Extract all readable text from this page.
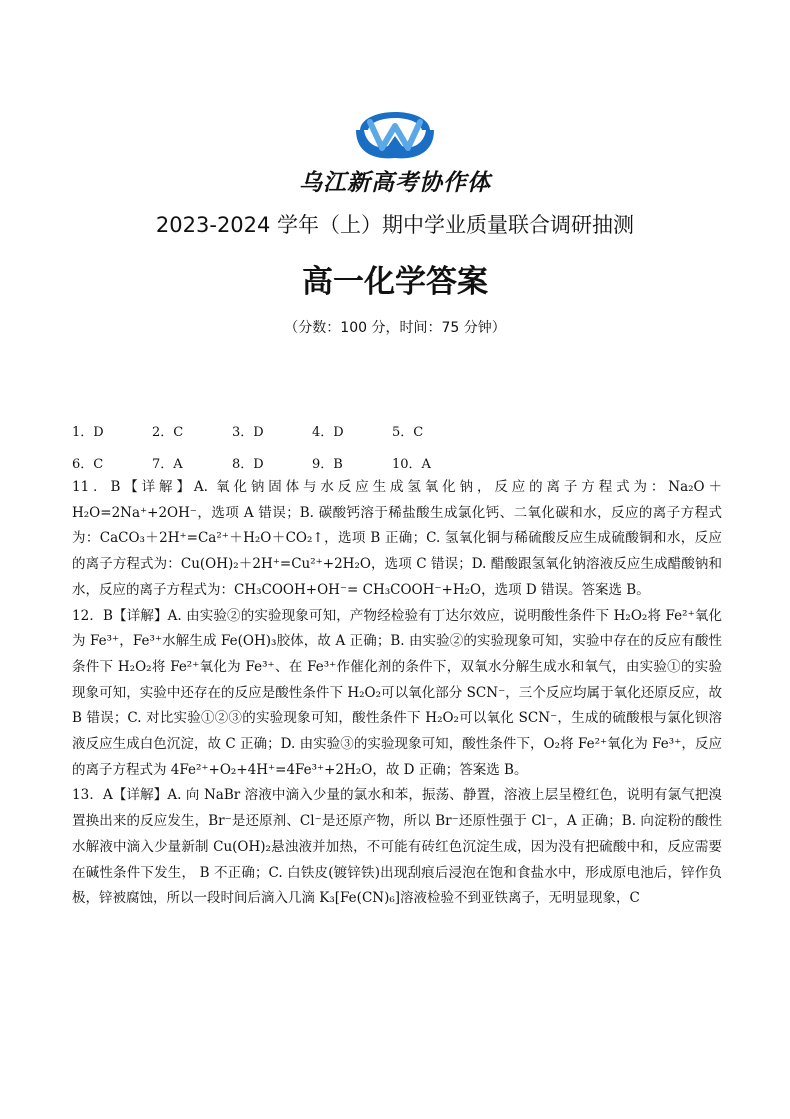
乌江新高考协作体
2023-2024 学年（上）期中学业质量联合调研抽测
高一化学答案
（分数：100 分，时间：75 分钟）
1．D	2．C	3．D	4．D	5．C
6．C	7．A	8．D	9．B	10．A

11．B【详解】A. 氧化钠固体与水反应生成氢氧化钠，反应的离子方程式为：Na₂O＋H₂O=2Na⁺+2OH⁻，选项 A 错误；B. 碳酸钙溶于稀盐酸生成氯化钙、二氧化碳和水，反应的离子方程式为：CaCO₃＋2H⁺=Ca²⁺＋H₂O＋CO₂↑，选项 B 正确；C. 氢氧化铜与稀硫酸反应生成硫酸铜和水，反应的离子方程式为：Cu(OH)₂＋2H⁺=Cu²⁺+2H₂O，选项 C 错误；D. 醋酸跟氢氧化钠溶液反应生成醋酸钠和水，反应的离子方程式为：CH₃COOH+OH⁻= CH₃COOH⁻+H₂O，选项 D 错误。答案选 B。

12．B【详解】A. 由实验②的实验现象可知，产物经检验有丁达尔效应，说明酸性条件下 H₂O₂将 Fe²⁺氧化为 Fe³⁺，Fe³⁺水解生成 Fe(OH)₃胶体，故 A 正确；B. 由实验②的实验现象可知，实验中存在的反应有酸性条件下 H₂O₂将 Fe²⁺氧化为 Fe³⁺、在 Fe³⁺作催化剂的条件下，双氧水分解生成水和氧气，由实验①的实验现象可知，实验中还存在的反应是酸性条件下 H₂O₂可以氧化部分 SCN⁻，三个反应均属于氧化还原反应，故 B 错误；C. 对比实验①②③的实验现象可知，酸性条件下 H₂O₂可以氧化 SCN⁻，生成的硫酸根与氯化钡溶液反应生成白色沉淀，故 C 正确；D. 由实验③的实验现象可知，酸性条件下，O₂将 Fe²⁺氧化为 Fe³⁺，反应的离子方程式为 4Fe²⁺+O₂+4H⁺=4Fe³⁺+2H₂O，故 D 正确；答案选 B。

13．A【详解】A. 向 NaBr 溶液中滴入少量的氯水和苯，振荡、静置，溶液上层呈橙红色，说明有氯气把溴置换出来的反应发生，Br⁻是还原剂、Cl⁻是还原产物，所以 Br⁻还原性强于 Cl⁻，A 正确；B. 向淀粉的酸性水解液中滴入少量新制 Cu(OH)₂悬浊液并加热，不可能有砖红色沉淀生成，因为没有把硫酸中和，反应需要在碱性条件下发生， B 不正确；C. 白铁皮(镀锌铁)出现刮痕后浸泡在饱和食盐水中，形成原电池后，锌作负极，锌被腐蚀，所以一段时间后滴入几滴 K₃[Fe(CN)₆]溶液检验不到亚铁离子，无明显现象，C
